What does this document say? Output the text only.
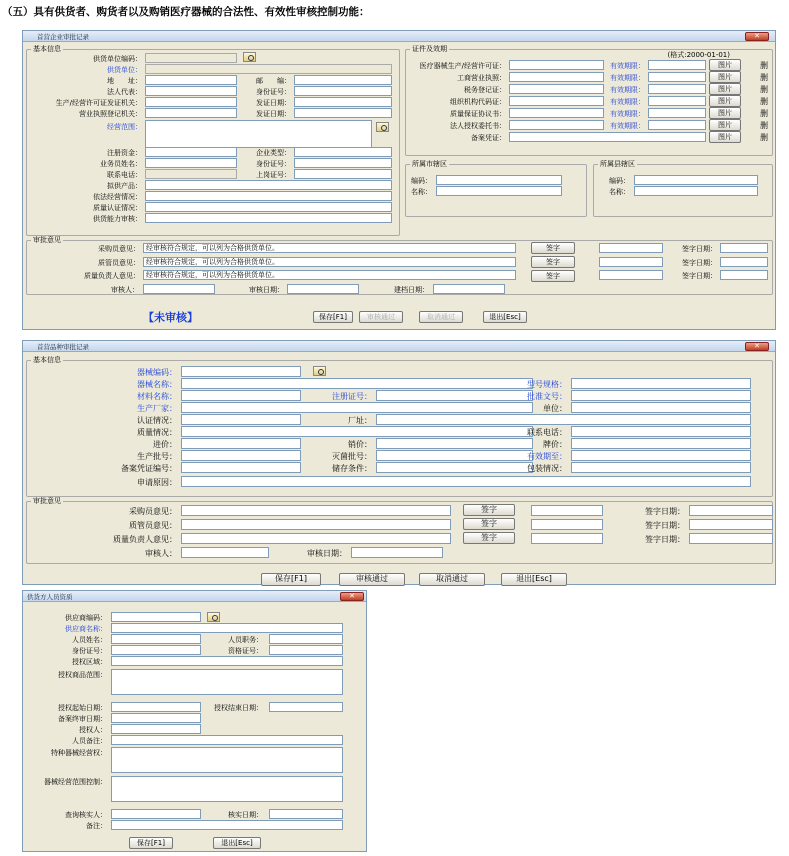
（五）具有供货者、购货者以及购销医疗器械的合法性、有效性审核控制功能：
首营企业审批记录	✕
基本信息
供货单位编码：
供货单位：
地　　址：	邮　　编：
法人代表：	身份证号：
生产/经营许可证发证机关：	发证日期：
营业执照登记机关：	发证日期：
经营范围：
注册资金：	企业类型：
业务员姓名：	身份证号：
联系电话：	上岗证号：
拟供产品：
依法经营情况：
质量认证情况：
供货能力审核：
证件及效期
(格式:2000-01-01)
医疗器械生产/经营许可证：	有效期限：	图片	删
工商营业执照：	有效期限：	图片	删
税务登记证：	有效期限：	图片	删
组织机构代码证：	有效期限：	图片	删
质量保证协议书：	有效期限：	图片	删
法人授权委托书：	有效期限：	图片	删
备案凭证：	图片	删
所属市辖区
编码：
名称：
所属县辖区
编码：
名称：
审批意见
采购员意见： 经审核符合规定，可以列为合格供货单位。	签字	签字日期：
质管员意见： 经审核符合规定，可以列为合格供货单位。	签字	签字日期：
质量负责人意见： 经审核符合规定，可以列为合格供货单位。	签字	签字日期：
审核人：	审核日期：	建档日期：
【未审核】	保存[F1]	审核通过	取消通过	退出[Esc]
首营品种审批记录	✕
基本信息
器械编码：
器械名称：	型号规格：
材料名称：	注册证号：	批准文号：
生产厂家：	单位：
认证情况：	厂址：
质量情况：	联系电话：
进价：	销价：	牌价：
生产批号：	灭菌批号：	有效期至：
备案凭证编号：	储存条件：	包装情况：
申请原因：
审批意见
采购员意见：	签字	签字日期：
质管员意见：	签字	签字日期：
质量负责人意见：	签字	签字日期：
审核人：	审核日期：
保存[F1]	审核通过	取消通过	退出[Esc]
供货方人员资质	✕
供应商编码：
供应商名称：
人员姓名：	人员职务：
身份证号：	资格证号：
授权区域：
授权商品范围：
授权起始日期：	授权结束日期：
备案终审日期：
授权人：
人员备注：
特种器械经营权：
器械经营范围控制：
查询核实人：	核实日期：
备注：
保存[F1]	退出[Esc]
